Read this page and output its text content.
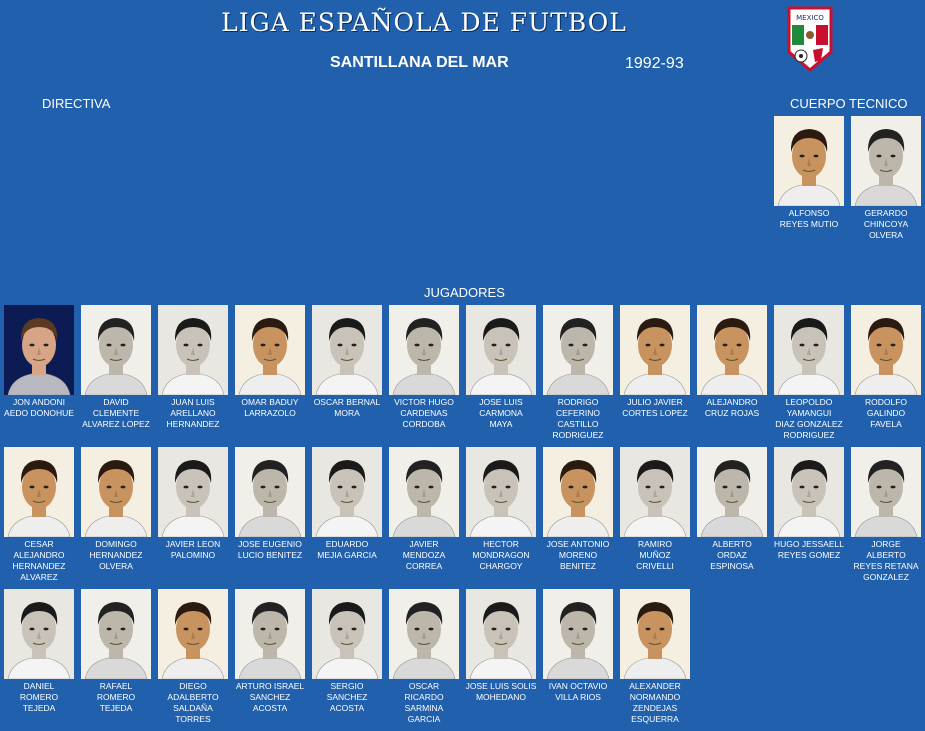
LIGA ESPAÑOLA DE FUTBOL
SANTILLANA DEL MAR	1992-93
MEXICO
DIRECTIVA	CUERPO TECNICO
JUGADORES
ALFONSO
REYES MUTIO
GERARDO
CHINCOYA
OLVERA
JON ANDONI
AEDO DONOHUE
DAVID
CLEMENTE
ALVAREZ LOPEZ
JUAN LUIS
ARELLANO
HERNANDEZ
OMAR BADUY
LARRAZOLO
OSCAR BERNAL
MORA
VICTOR HUGO
CARDENAS
CORDOBA
JOSE LUIS
CARMONA
MAYA
RODRIGO
CEFERINO
CASTILLO
RODRIGUEZ
JULIO JAVIER
CORTES LOPEZ
ALEJANDRO
CRUZ ROJAS
LEOPOLDO
YAMANGUI
DIAZ GONZALEZ
RODRIGUEZ
RODOLFO
GALINDO
FAVELA
CESAR
ALEJANDRO
HERNANDEZ
ALVAREZ
DOMINGO
HERNANDEZ
OLVERA
JAVIER LEON
PALOMINO
JOSE EUGENIO
LUCIO BENITEZ
EDUARDO
MEJIA GARCIA
JAVIER
MENDOZA
CORREA
HECTOR
MONDRAGON
CHARGOY
JOSE ANTONIO
MORENO
BENITEZ
RAMIRO
MUÑOZ
CRIVELLI
ALBERTO
ORDAZ
ESPINOSA
HUGO JESSAELL
REYES GOMEZ
JORGE
ALBERTO
REYES RETANA
GONZALEZ
DANIEL
ROMERO
TEJEDA
RAFAEL
ROMERO
TEJEDA
DIEGO
ADALBERTO
SALDAÑA
TORRES
ARTURO ISRAEL
SANCHEZ
ACOSTA
SERGIO
SANCHEZ
ACOSTA
OSCAR
RICARDO
SARMINA
GARCIA
JOSE LUIS SOLIS
MOHEDANO
IVAN OCTAVIO
VILLA RIOS
ALEXANDER
NORMANDO
ZENDEJAS
ESQUERRA
